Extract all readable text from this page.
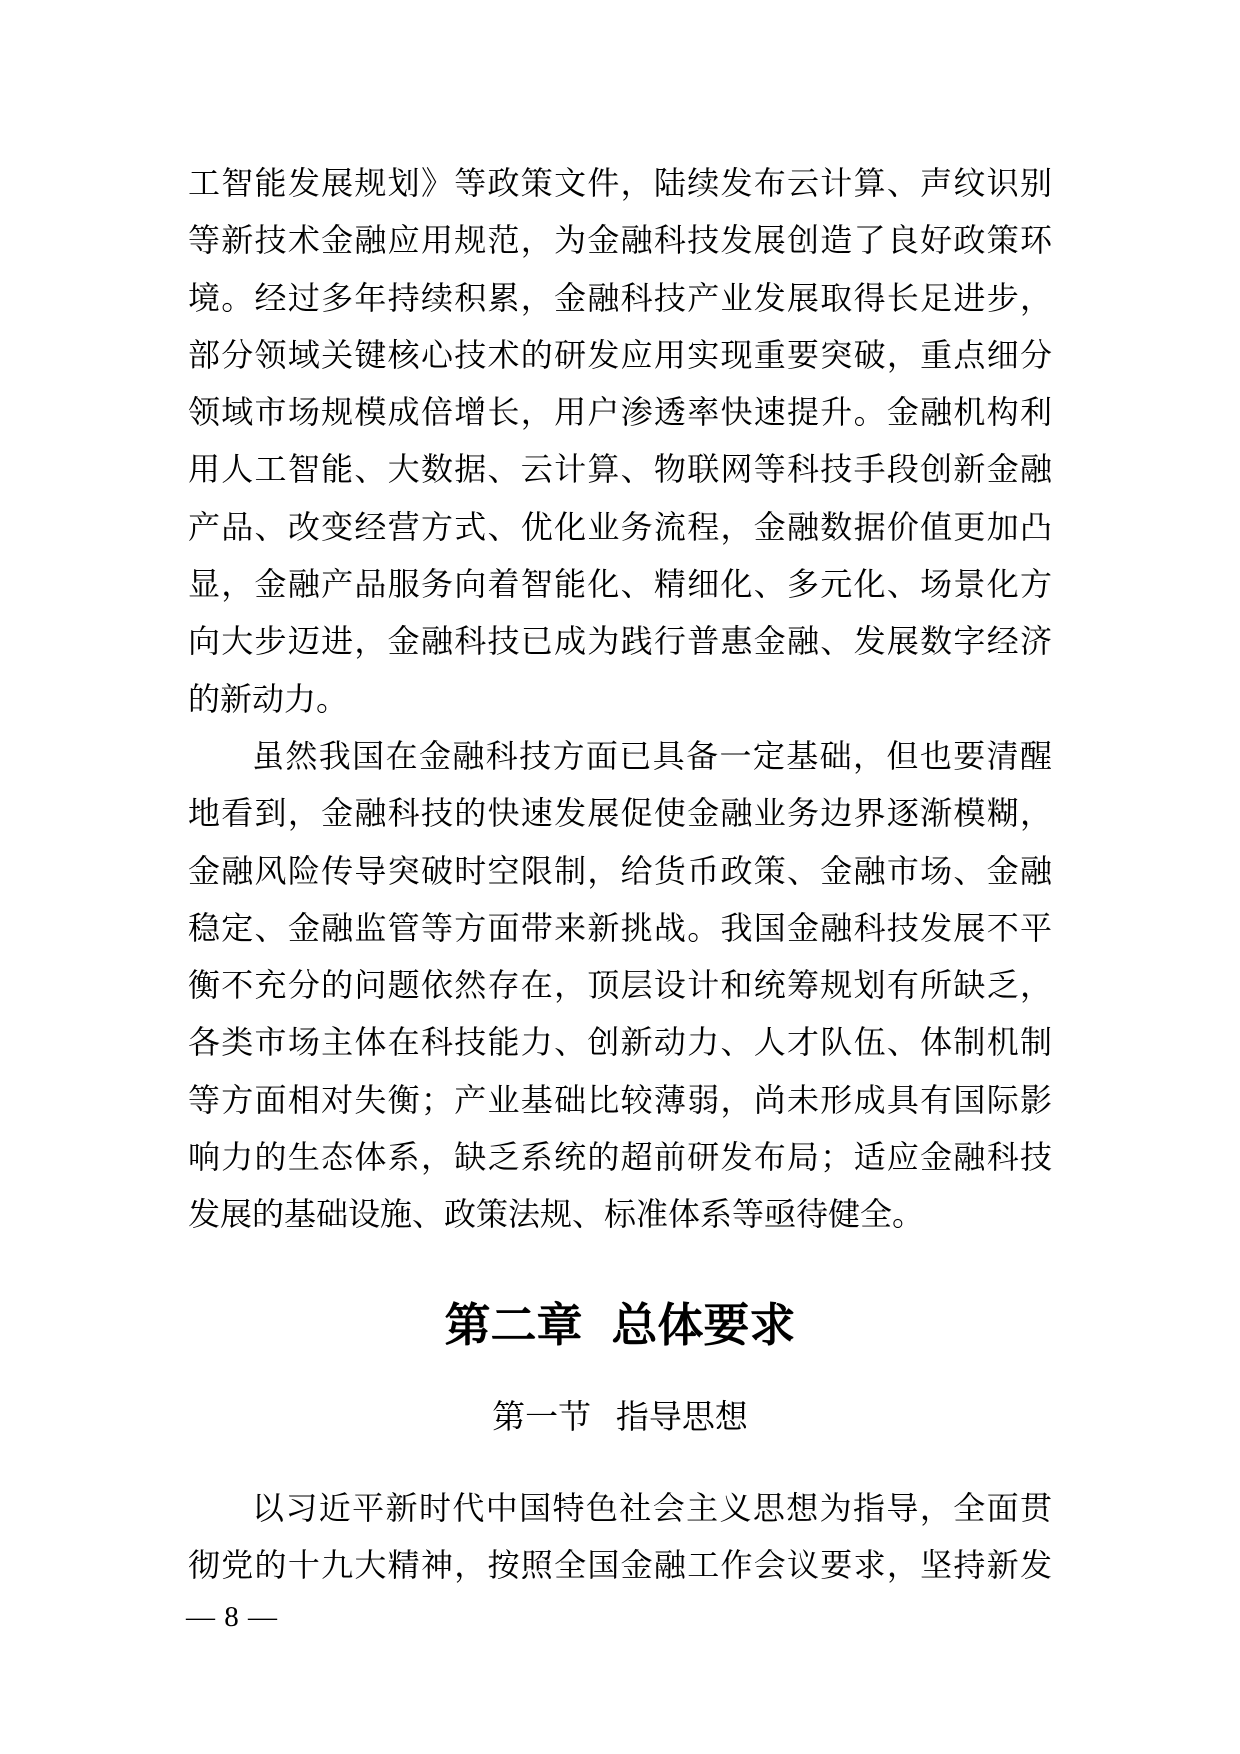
工智能发展规划》等政策文件，陆续发布云计算、声纹识别
等新技术金融应用规范，为金融科技发展创造了良好政策环
境。经过多年持续积累，金融科技产业发展取得长足进步，
部分领域关键核心技术的研发应用实现重要突破，重点细分
领域市场规模成倍增长，用户渗透率快速提升。金融机构利
用人工智能、大数据、云计算、物联网等科技手段创新金融
产品、改变经营方式、优化业务流程，金融数据价值更加凸
显，金融产品服务向着智能化、精细化、多元化、场景化方
向大步迈进，金融科技已成为践行普惠金融、发展数字经济
的新动力。
虽然我国在金融科技方面已具备一定基础，但也要清醒
地看到，金融科技的快速发展促使金融业务边界逐渐模糊，
金融风险传导突破时空限制，给货币政策、金融市场、金融
稳定、金融监管等方面带来新挑战。我国金融科技发展不平
衡不充分的问题依然存在，顶层设计和统筹规划有所缺乏，
各类市场主体在科技能力、创新动力、人才队伍、体制机制
等方面相对失衡；产业基础比较薄弱，尚未形成具有国际影
响力的生态体系，缺乏系统的超前研发布局；适应金融科技
发展的基础设施、政策法规、标准体系等亟待健全。
第二章 总体要求
第一节 指导思想
以习近平新时代中国特色社会主义思想为指导，全面贯
彻党的十九大精神，按照全国金融工作会议要求，坚持新发
— 8 —
